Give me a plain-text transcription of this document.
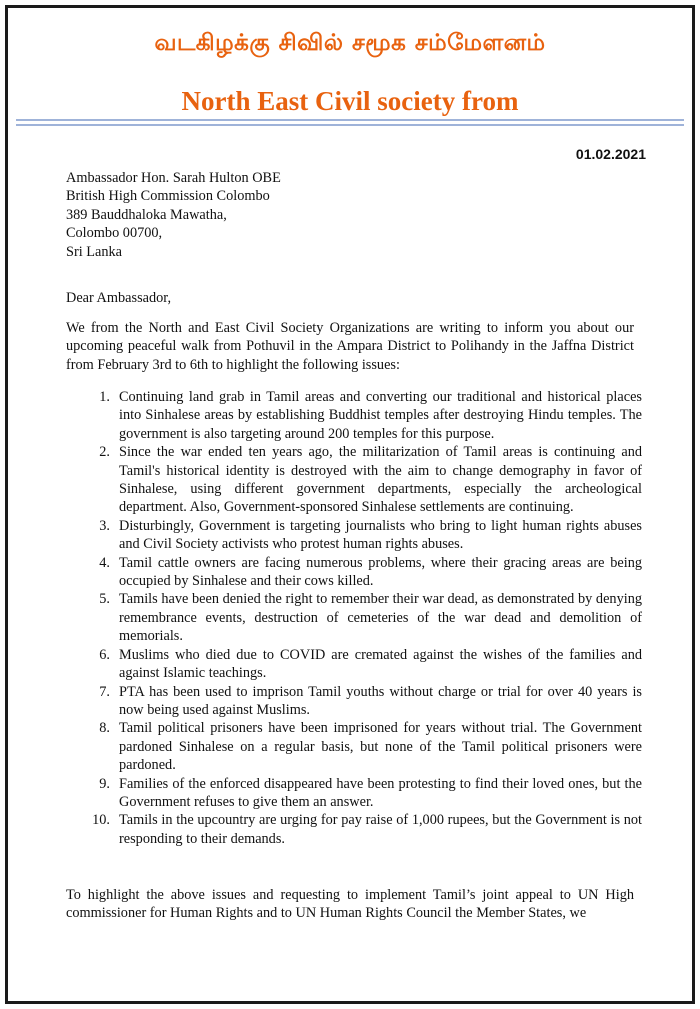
வடகிழக்கு சிவில் சமூக சம்மேளனம்
North East Civil society from
01.02.2021
Ambassador Hon. Sarah Hulton OBE
British High Commission Colombo
389 Bauddhaloka Mawatha,
Colombo 00700,
Sri Lanka
Dear Ambassador,
We from the North and East Civil Society Organizations are writing to inform you about our upcoming peaceful walk from Pothuvil in the Ampara District to Polihandy in the Jaffna District from February 3rd to 6th to highlight the following issues:
1. Continuing land grab in Tamil areas and converting our traditional and historical places into Sinhalese areas by establishing Buddhist temples after destroying Hindu temples. The government is also targeting around 200 temples for this purpose.
2. Since the war ended ten years ago, the militarization of Tamil areas is continuing and Tamil's historical identity is destroyed with the aim to change demography in favor of Sinhalese, using different government departments, especially the archeological department. Also, Government-sponsored Sinhalese settlements are continuing.
3. Disturbingly, Government is targeting journalists who bring to light human rights abuses and Civil Society activists who protest human rights abuses.
4. Tamil cattle owners are facing numerous problems, where their gracing areas are being occupied by Sinhalese and their cows killed.
5. Tamils have been denied the right to remember their war dead, as demonstrated by denying remembrance events, destruction of cemeteries of the war dead and demolition of memorials.
6. Muslims who died due to COVID are cremated against the wishes of the families and against Islamic teachings.
7. PTA has been used to imprison Tamil youths without charge or trial for over 40 years is now being used against Muslims.
8. Tamil political prisoners have been imprisoned for years without trial. The Government pardoned Sinhalese on a regular basis, but none of the Tamil political prisoners were pardoned.
9. Families of the enforced disappeared have been protesting to find their loved ones, but the Government refuses to give them an answer.
10. Tamils in the upcountry are urging for pay raise of 1,000 rupees, but the Government is not responding to their demands.
To highlight the above issues and requesting to implement Tamil’s joint appeal to UN High commissioner for Human Rights and to UN Human Rights Council the Member States, we
